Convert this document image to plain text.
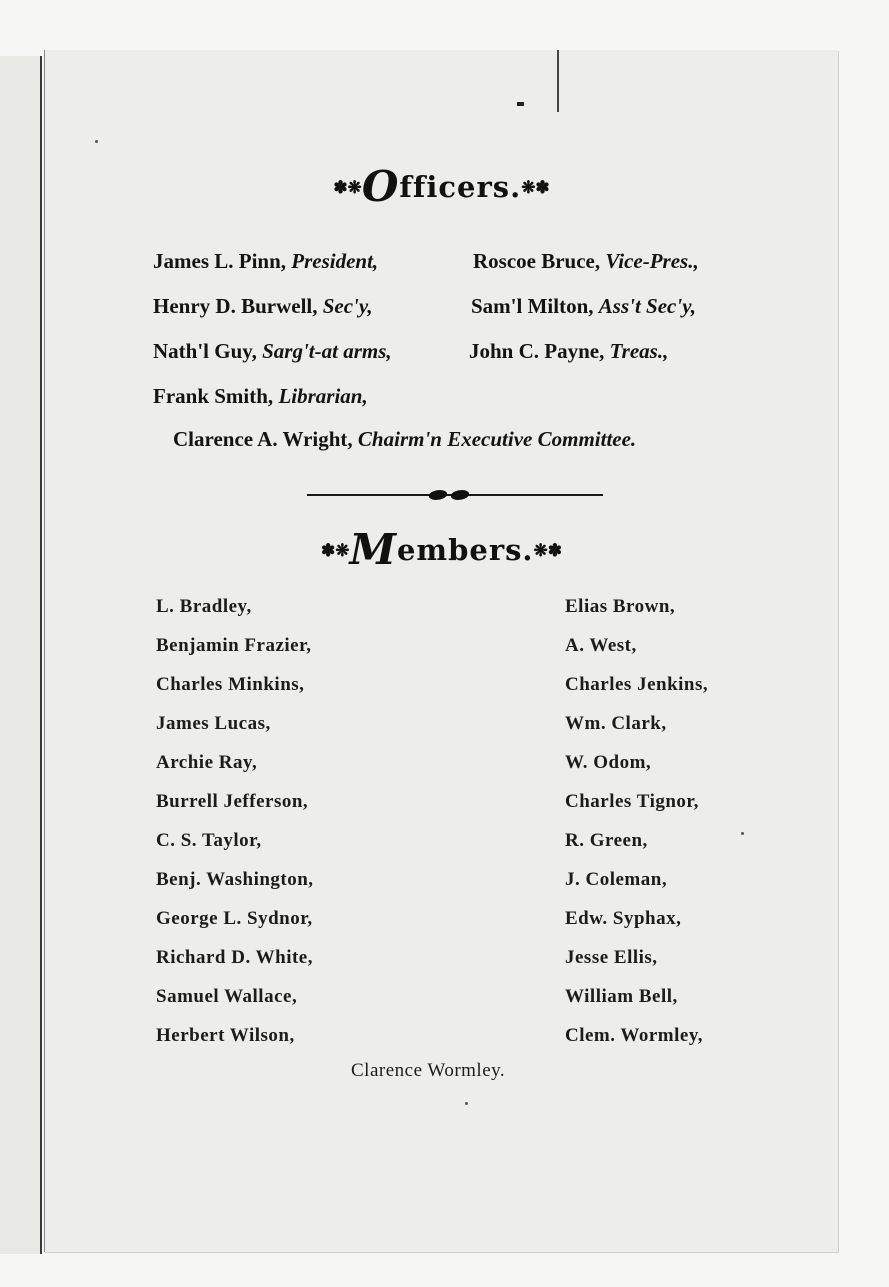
✽❋Officers.❋✽
James L. Pinn, President,	Roscoe Bruce, Vice-Pres.,
Henry D. Burwell, Sec'y,	Sam'l Milton, Ass't Sec'y,
Nath'l Guy, Sarg't-at arms,	John C. Payne, Treas.,
Frank Smith, Librarian,
Clarence A. Wright, Chairm'n Executive Committee.
✽❋Members.❋✽
L. Bradley,
Benjamin Frazier,
Charles Minkins,
James Lucas,
Archie Ray,
Burrell Jefferson,
C. S. Taylor,
Benj. Washington,
George L. Sydnor,
Richard D. White,
Samuel Wallace,
Herbert Wilson,
Elias Brown,
A. West,
Charles Jenkins,
Wm. Clark,
W. Odom,
Charles Tignor,
R. Green,
J. Coleman,
Edw. Syphax,
Jesse Ellis,
William Bell,
Clem. Wormley,
Clarence Wormley.
